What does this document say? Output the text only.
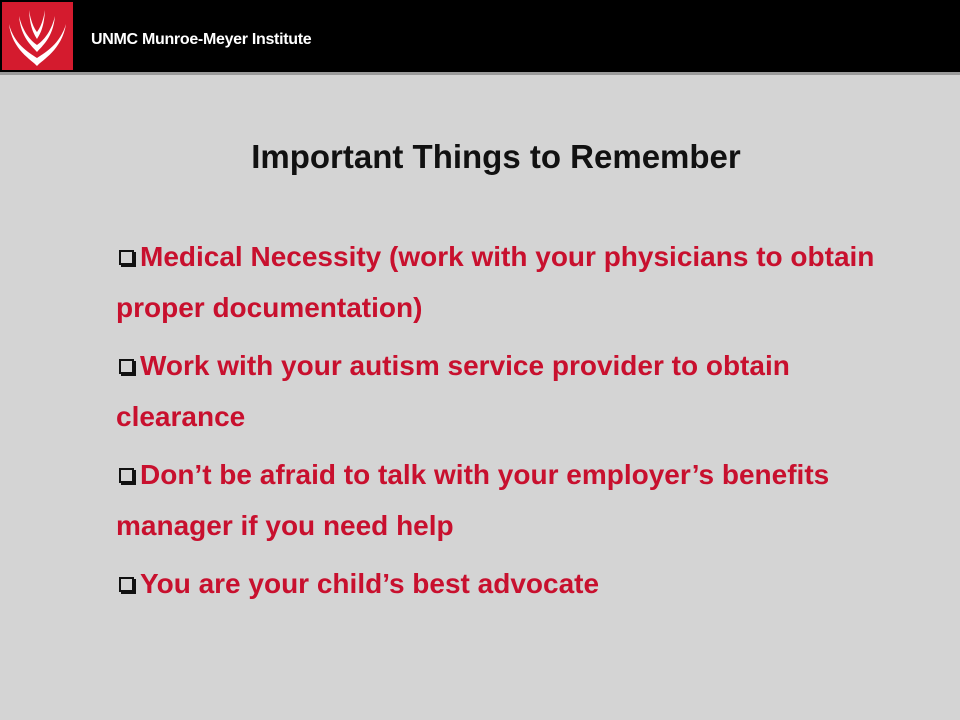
UNMC Munroe-Meyer Institute
Important Things to Remember
Medical Necessity (work with your physicians to obtain proper documentation)
Work with your autism service provider to obtain clearance
Don’t be afraid to talk with your employer’s benefits manager if you need help
You are your child’s best advocate
